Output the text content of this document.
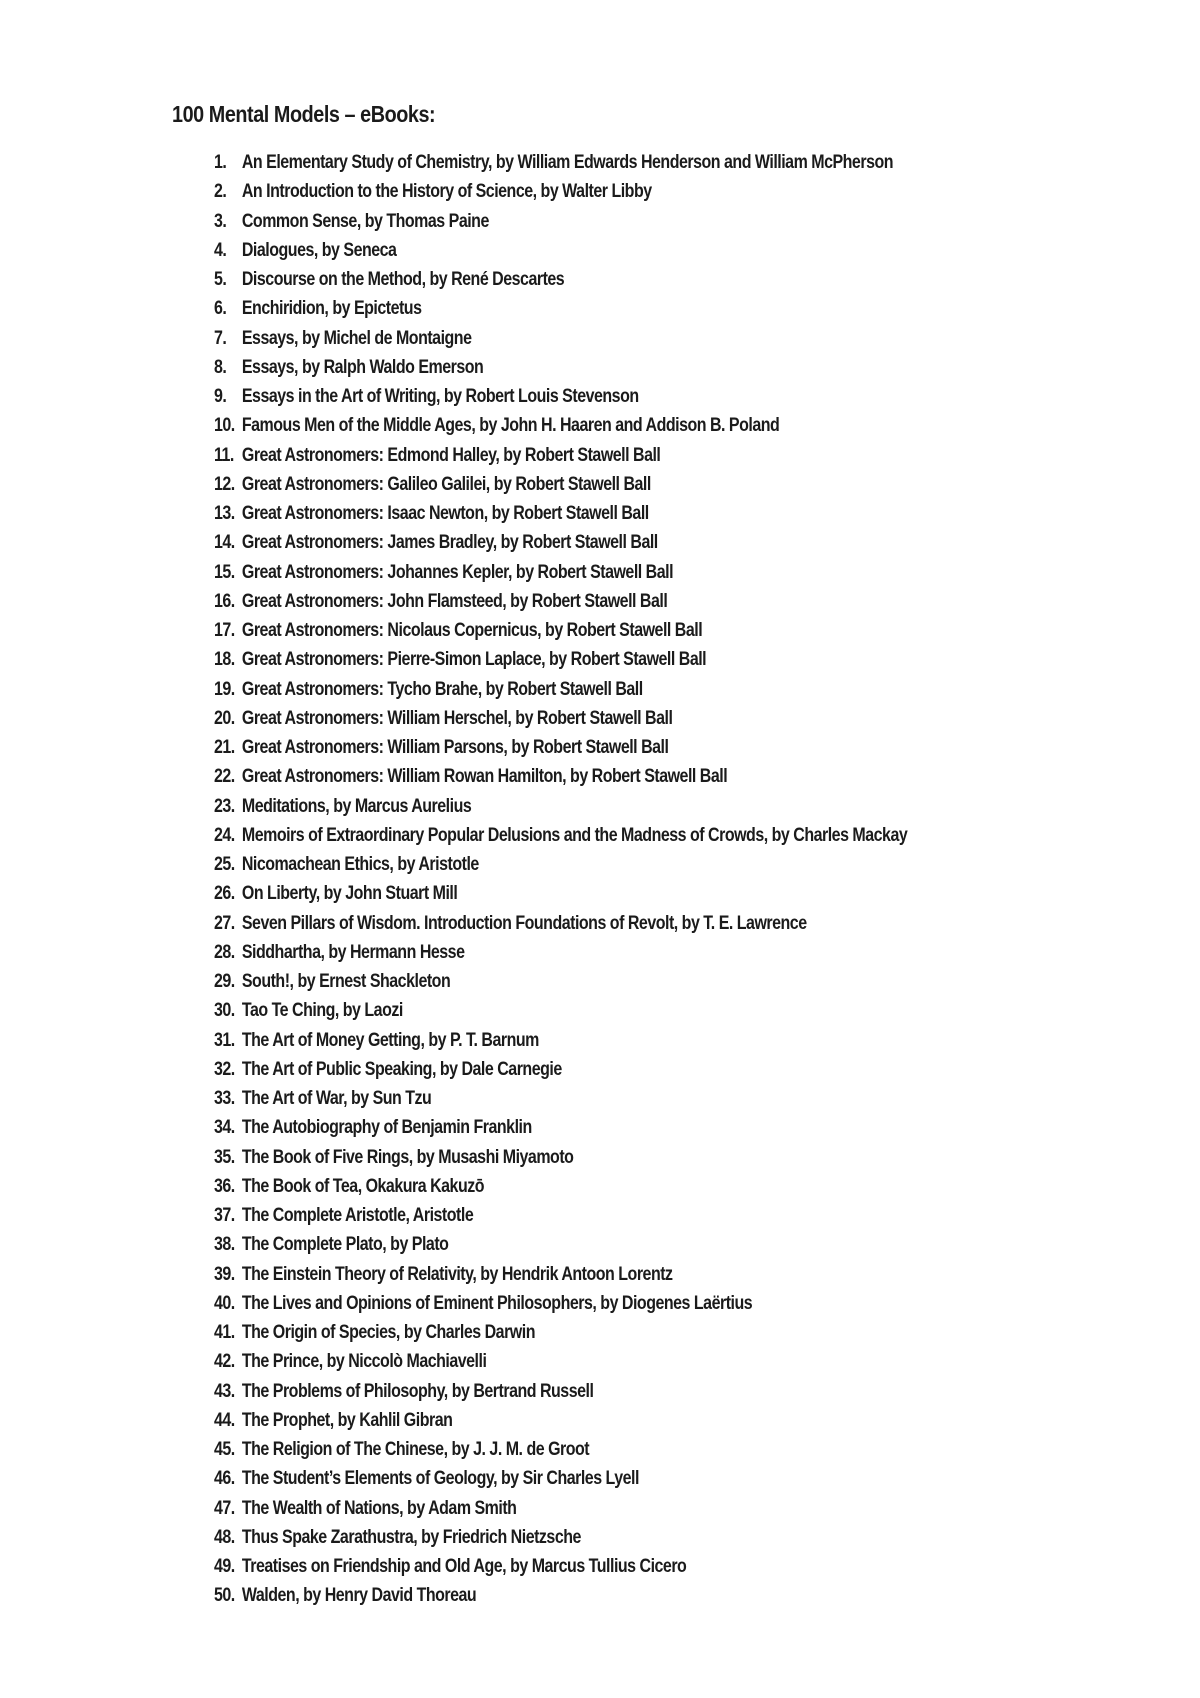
100 Mental Models – eBooks:
1. An Elementary Study of Chemistry, by William Edwards Henderson and William McPherson
2. An Introduction to the History of Science, by Walter Libby
3. Common Sense, by Thomas Paine
4. Dialogues, by Seneca
5. Discourse on the Method, by René Descartes
6. Enchiridion, by Epictetus
7. Essays, by Michel de Montaigne
8. Essays, by Ralph Waldo Emerson
9. Essays in the Art of Writing, by Robert Louis Stevenson
10. Famous Men of the Middle Ages, by John H. Haaren and Addison B. Poland
11. Great Astronomers: Edmond Halley, by Robert Stawell Ball
12. Great Astronomers: Galileo Galilei, by Robert Stawell Ball
13. Great Astronomers: Isaac Newton, by Robert Stawell Ball
14. Great Astronomers: James Bradley, by Robert Stawell Ball
15. Great Astronomers: Johannes Kepler, by Robert Stawell Ball
16. Great Astronomers: John Flamsteed, by Robert Stawell Ball
17. Great Astronomers: Nicolaus Copernicus, by Robert Stawell Ball
18. Great Astronomers: Pierre-Simon Laplace, by Robert Stawell Ball
19. Great Astronomers: Tycho Brahe, by Robert Stawell Ball
20. Great Astronomers: William Herschel, by Robert Stawell Ball
21. Great Astronomers: William Parsons, by Robert Stawell Ball
22. Great Astronomers: William Rowan Hamilton, by Robert Stawell Ball
23. Meditations, by Marcus Aurelius
24. Memoirs of Extraordinary Popular Delusions and the Madness of Crowds, by Charles Mackay
25. Nicomachean Ethics, by Aristotle
26. On Liberty, by John Stuart Mill
27. Seven Pillars of Wisdom. Introduction Foundations of Revolt, by T. E. Lawrence
28. Siddhartha, by Hermann Hesse
29. South!, by Ernest Shackleton
30. Tao Te Ching, by Laozi
31. The Art of Money Getting, by P. T. Barnum
32. The Art of Public Speaking, by Dale Carnegie
33. The Art of War, by Sun Tzu
34. The Autobiography of Benjamin Franklin
35. The Book of Five Rings, by Musashi Miyamoto
36. The Book of Tea, Okakura Kakuzō
37. The Complete Aristotle, Aristotle
38. The Complete Plato, by Plato
39. The Einstein Theory of Relativity, by Hendrik Antoon Lorentz
40. The Lives and Opinions of Eminent Philosophers, by Diogenes Laërtius
41. The Origin of Species, by Charles Darwin
42. The Prince, by Niccolò Machiavelli
43. The Problems of Philosophy, by Bertrand Russell
44. The Prophet, by Kahlil Gibran
45. The Religion of The Chinese, by J. J. M. de Groot
46. The Student’s Elements of Geology, by Sir Charles Lyell
47. The Wealth of Nations, by Adam Smith
48. Thus Spake Zarathustra, by Friedrich Nietzsche
49. Treatises on Friendship and Old Age, by Marcus Tullius Cicero
50. Walden, by Henry David Thoreau
